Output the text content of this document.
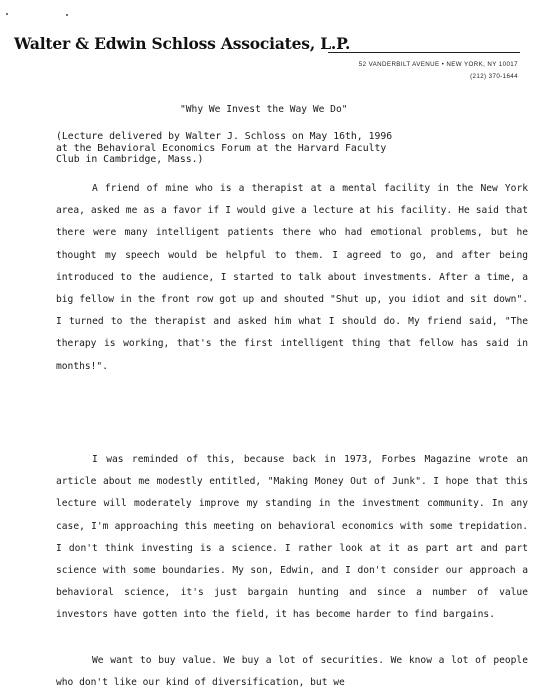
Walter & Edwin Schloss Associates, L.P.
52 VANDERBILT AVENUE • NEW YORK, NY 10017
(212) 370-1644
"Why We Invest the Way We Do"
(Lecture delivered by Walter J. Schloss on May 16th, 1996
at the Behavioral Economics Forum at the Harvard Faculty
Club in Cambridge, Mass.)

A friend of mine who is a therapist at a mental facility in the New York area, asked me as a favor if I would give a lecture at his facility. He said that there were many intelligent patients there who had emotional problems, but he thought my speech would be helpful to them. I agreed to go, and after being introduced to the audience, I started to talk about investments. After a time, a big fellow in the front row got up and shouted "Shut up, you idiot and sit down". I turned to the therapist and asked him what I should do. My friend said, "The therapy is working, that's the first intelligent thing that fellow has said in months!".

I was reminded of this, because back in 1973, Forbes Magazine wrote an article about me modestly entitled, "Making Money Out of Junk". I hope that this lecture will moderately improve my standing in the investment community. In any case, I'm approaching this meeting on behavioral economics with some trepidation. I don't think investing is a science. I rather look at it as part art and part science with some boundaries. My son, Edwin, and I don't consider our approach a behavioral science, it's just bargain hunting and since a number of value investors have gotten into the field, it has become harder to find bargains.

We want to buy value. We buy a lot of securities. We know a lot of people who don't like our kind of diversification, but we
